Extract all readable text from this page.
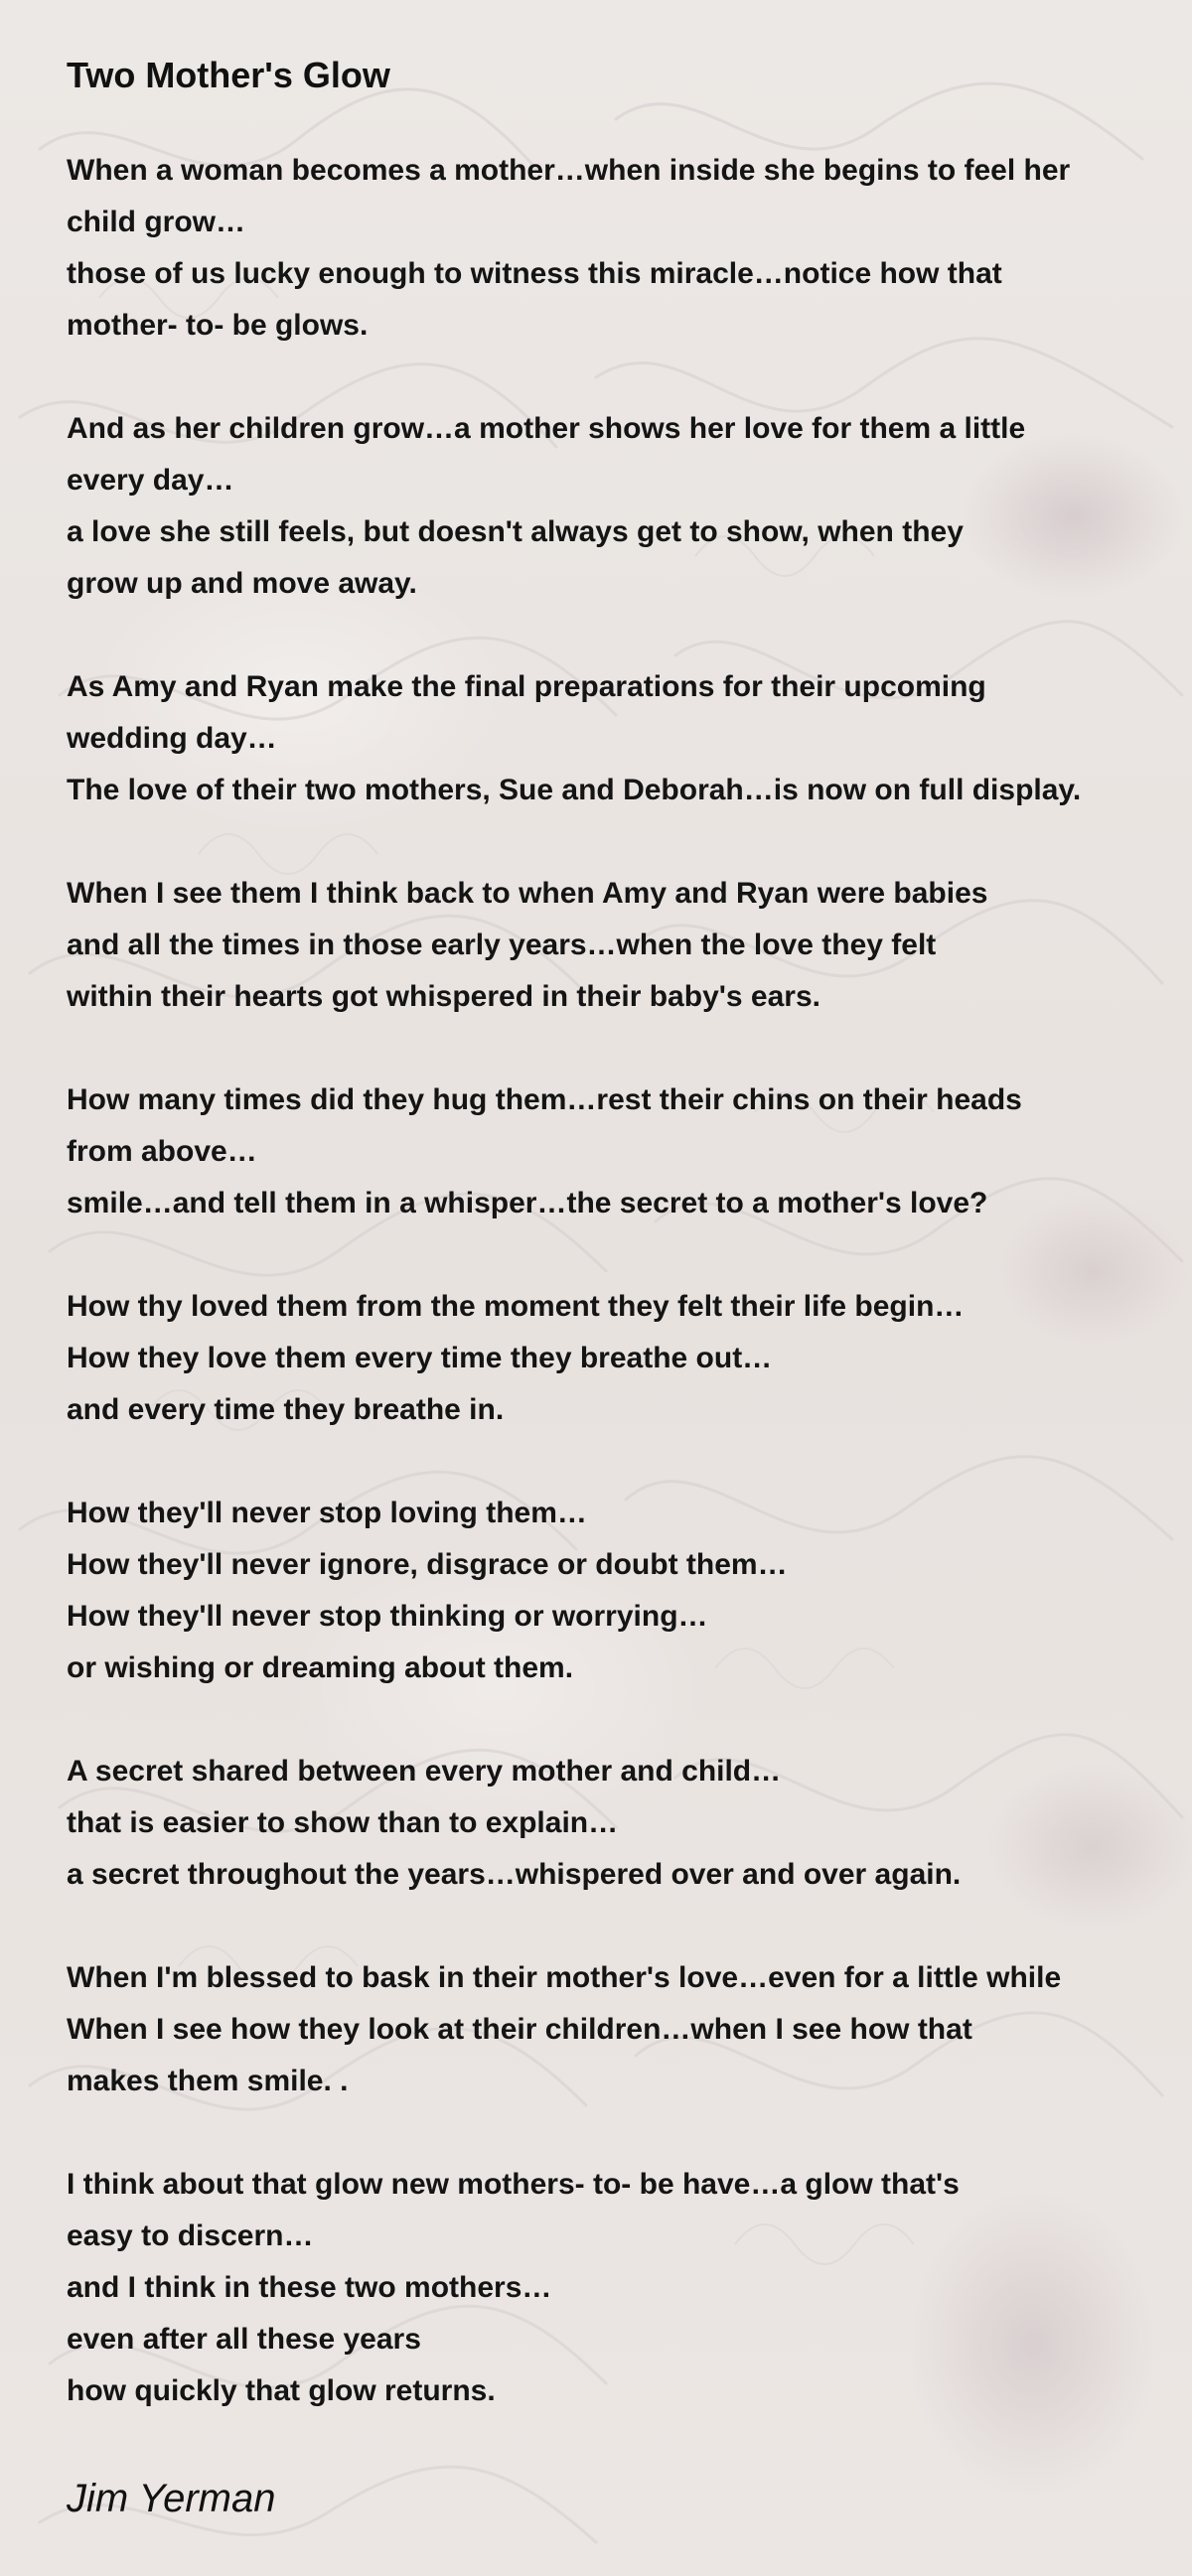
Two Mother's Glow
When a woman becomes a mother…when inside she begins to feel her
child grow…
those of us lucky enough to witness this miracle…notice how that
mother- to- be glows.
And as her children grow…a mother shows her love for them a little
every day…
a love she still feels, but doesn't always get to show, when they
grow up and move away.
As Amy and Ryan make the final preparations for their upcoming
wedding day…
The love of their two mothers, Sue and Deborah…is now on full display.
When I see them I think back to when Amy and Ryan were babies
and all the times in those early years…when the love they felt
within their hearts got whispered in their baby's ears.
How many times did they hug them…rest their chins on their heads
from above…
smile…and tell them in a whisper…the secret to a mother's love?
How thy loved them from the moment they felt their life begin…
How they love them every time they breathe out…
and every time they breathe in.
How they'll never stop loving them…
How they'll never ignore, disgrace or doubt them…
How they'll never stop thinking or worrying…
or wishing or dreaming about them.
A secret shared between every mother and child…
that is easier to show than to explain…
a secret throughout the years…whispered over and over again.
When I'm blessed to bask in their mother's love…even for a little while
When I see how they look at their children…when I see how that
makes them smile. .
I think about that glow new mothers- to- be have…a glow that's
easy to discern…
and I think in these two mothers…
even after all these years
how quickly that glow returns.
Jim Yerman
